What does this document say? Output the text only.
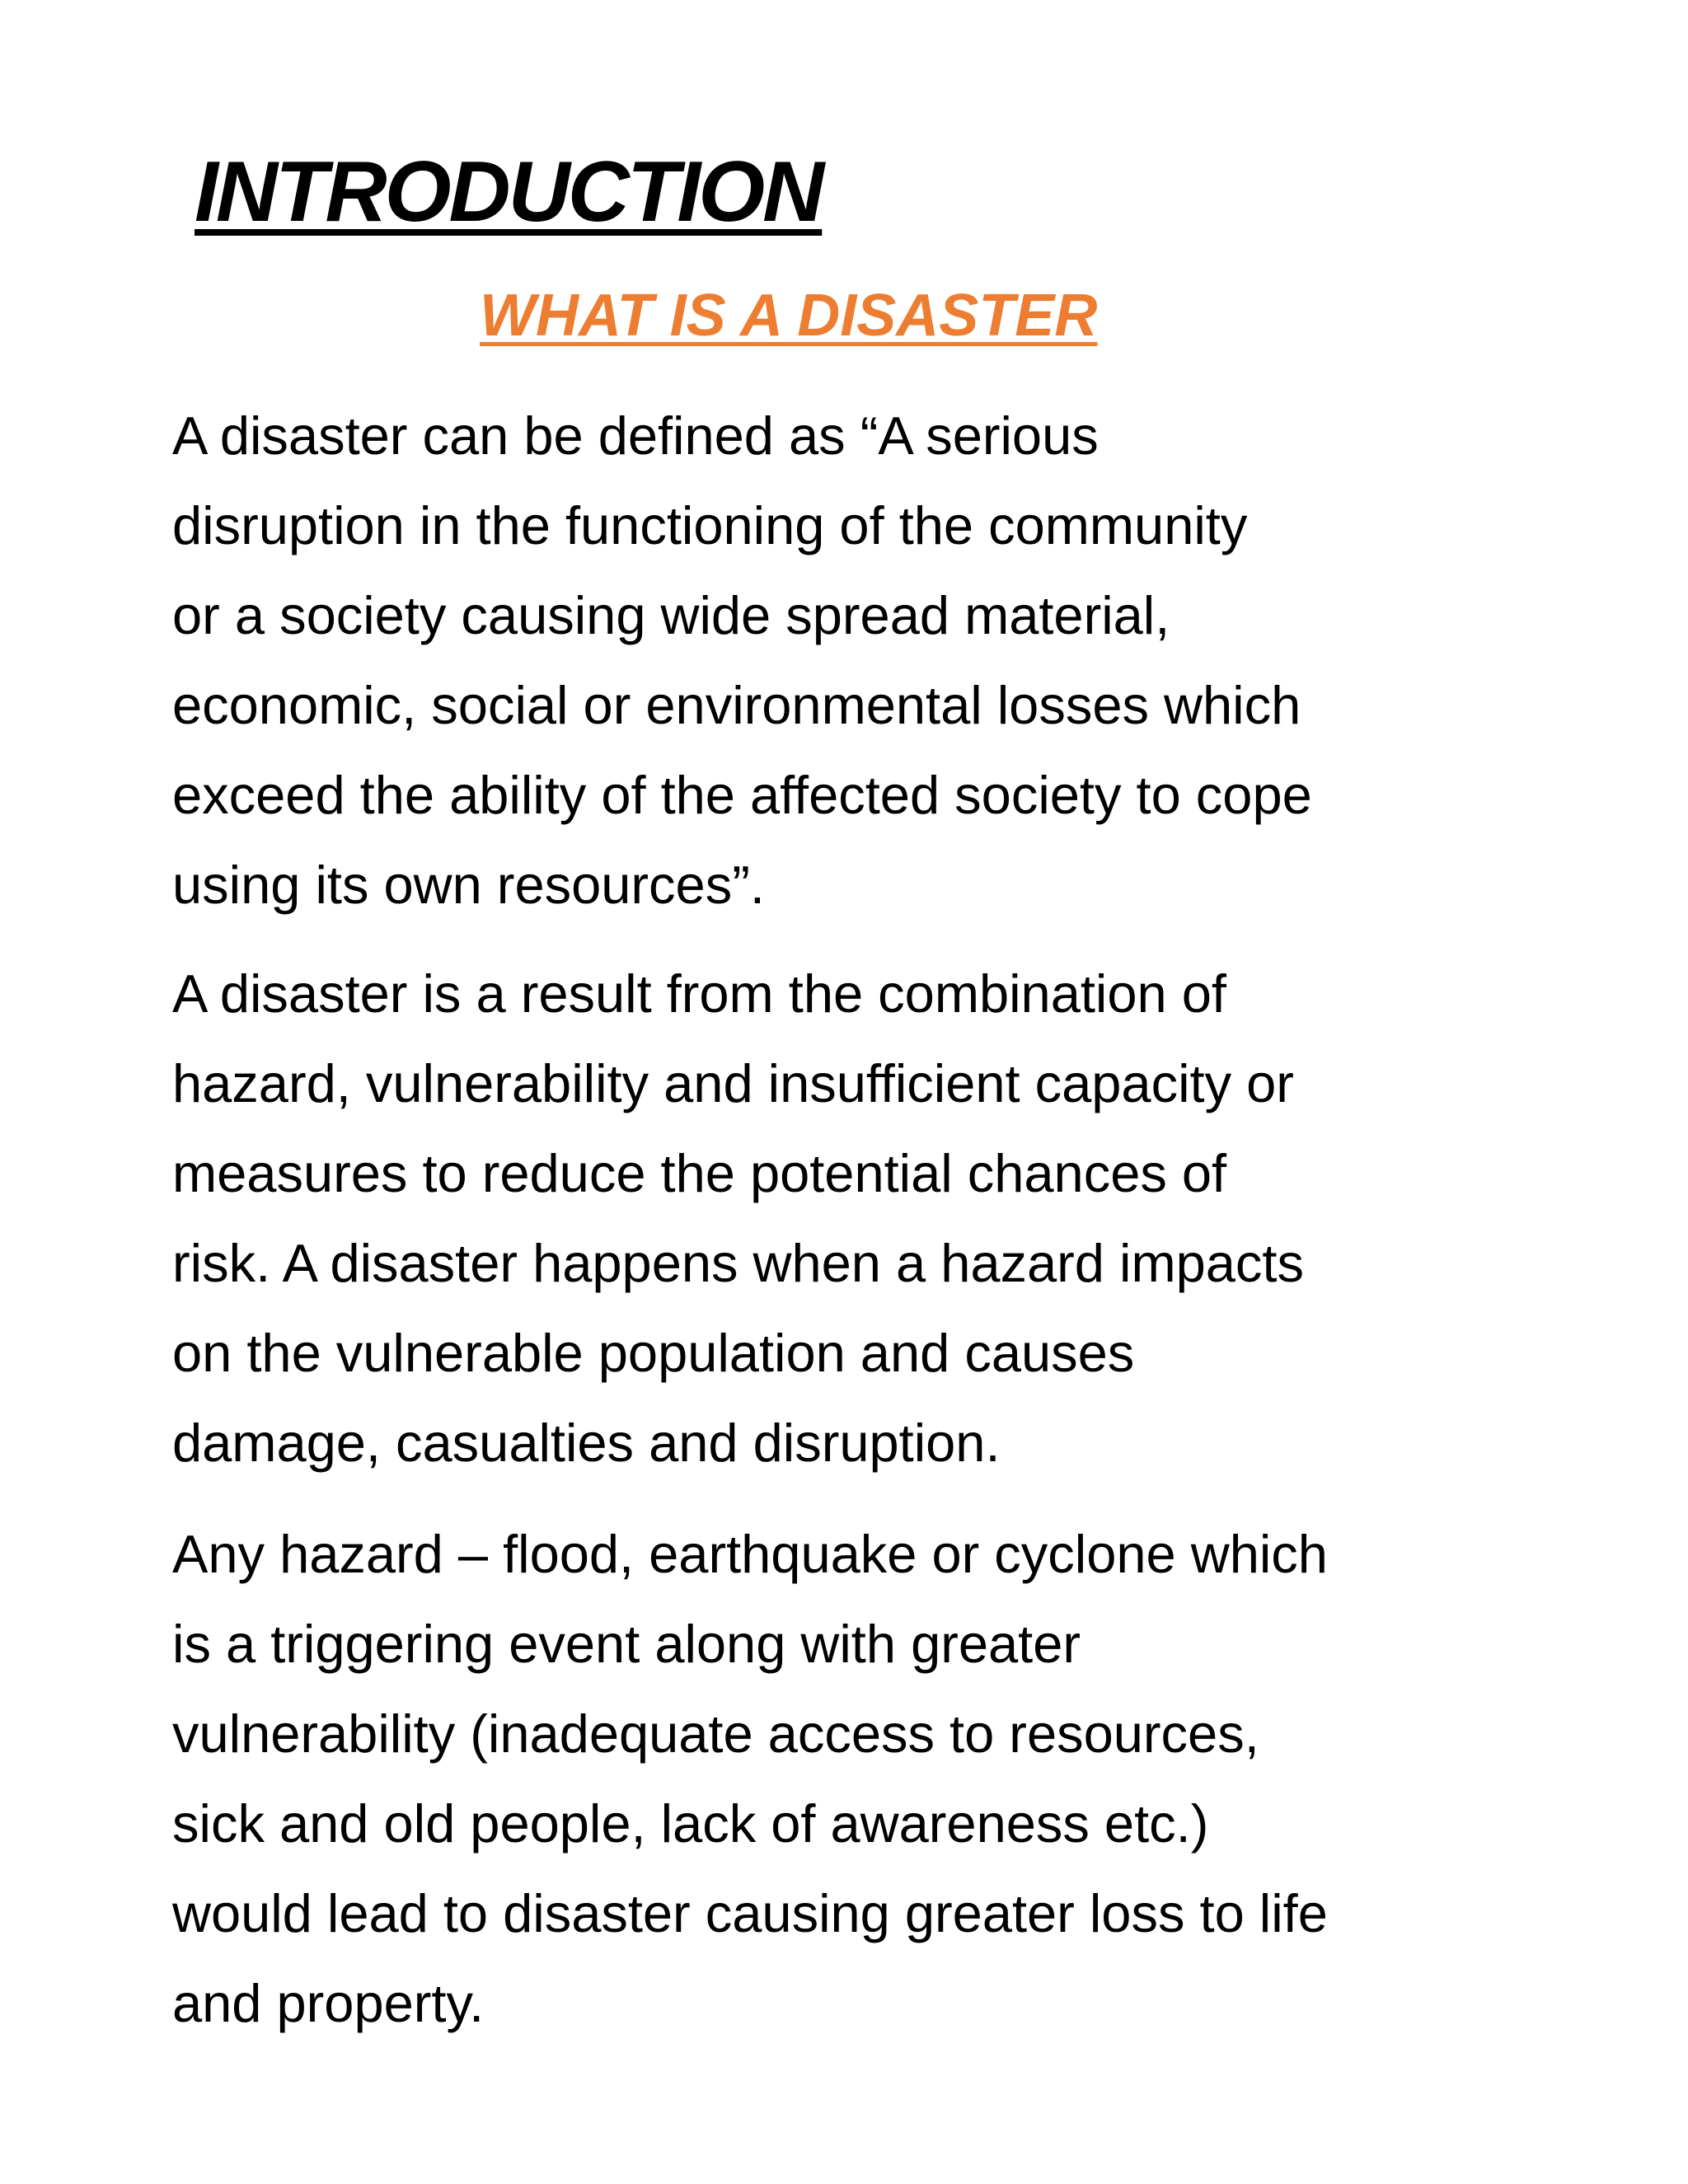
INTRODUCTION
WHAT IS A DISASTER
A disaster can be defined as “A serious
disruption in the functioning of the community
or a society causing wide spread material,
economic, social or environmental losses which
exceed the ability of the affected society to cope
using its own resources”.
A disaster is a result from the combination of
hazard, vulnerability and insufficient capacity or
measures to reduce the potential chances of
risk. A disaster happens when a hazard impacts
on the vulnerable population and causes
damage, casualties and disruption.
Any hazard – flood, earthquake or cyclone which
is a triggering event along with greater
vulnerability (inadequate access to resources,
sick and old people, lack of awareness etc.)
would lead to disaster causing greater loss to life
and property.
